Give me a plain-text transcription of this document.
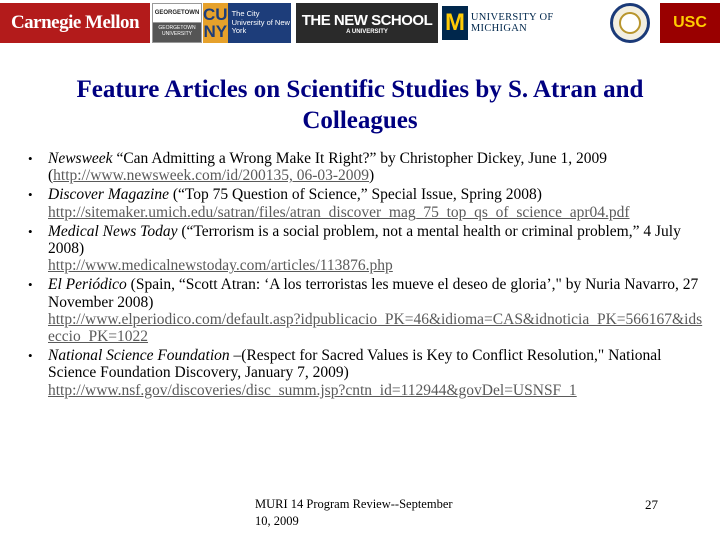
Carnegie Mellon	GEORGETOWN
GEORGETOWN UNIVERSITY
CU NY
The City University of New York
THE NEW SCHOOL
A UNIVERSITY M UNIVERSITY OF MICHIGAN	USC
Feature Articles on Scientific Studies by S. Atran and Colleagues
• Newsweek “Can Admitting a Wrong Make It Right?” by Christopher Dickey, June 1, 2009 (http://www.newsweek.com/id/200135, 06-03-2009)
• Discover Magazine (“Top 75 Question of Science,” Special Issue, Spring 2008)
http://sitemaker.umich.edu/satran/files/atran_discover_mag_75_top_qs_of_science_apr04.pdf
• Medical News Today (“Terrorism is a social problem, not a mental health or criminal problem,” 4 July 2008)
http://www.medicalnewstoday.com/articles/113876.php
• El Periódico (Spain, “Scott Atran: ‘A los terroristas les mueve el deseo de gloria’," by Nuria Navarro, 27 November 2008)
http://www.elperiodico.com/default.asp?idpublicacio_PK=46&idioma=CAS&idnoticia_PK=566167&idseccio_PK=1022
• National Science Foundation –(Respect for Sacred Values is Key to Conflict Resolution," National Science Foundation Discovery, January 7, 2009)
http://www.nsf.gov/discoveries/disc_summ.jsp?cntn_id=112944&govDel=USNSF_1
MURI 14 Program Review--September 10, 2009
27
